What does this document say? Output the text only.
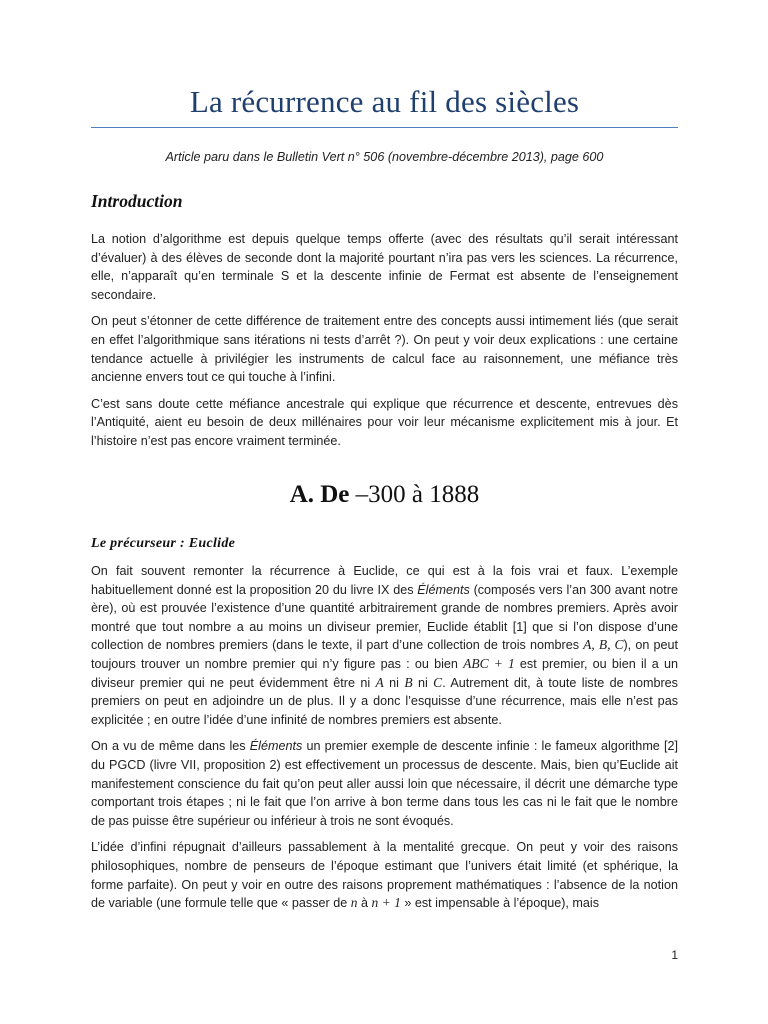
La récurrence au fil des siècles
Article paru dans le Bulletin Vert n° 506 (novembre-décembre 2013), page 600
Introduction

La notion d’algorithme est depuis quelque temps offerte (avec des résultats qu’il serait intéressant d’évaluer) à des élèves de seconde dont la majorité pourtant n’ira pas vers les sciences. La récurrence, elle, n’apparaît qu’en terminale S et la descente infinie de Fermat est absente de l’enseignement secondaire.

On peut s’étonner de cette différence de traitement entre des concepts aussi intimement liés (que serait en effet l’algorithmique sans itérations ni tests d’arrêt ?). On peut y voir deux explications : une certaine tendance actuelle à privilégier les instruments de calcul face au raisonnement, une méfiance très ancienne envers tout ce qui touche à l’infini.

C’est sans doute cette méfiance ancestrale qui explique que récurrence et descente, entrevues dès l’Antiquité, aient eu besoin de deux millénaires pour voir leur mécanisme explicitement mis à jour. Et l’histoire n’est pas encore vraiment terminée.

A. De –300 à 1888
Le précurseur : Euclide

On fait souvent remonter la récurrence à Euclide, ce qui est à la fois vrai et faux. L’exemple habituellement donné est la proposition 20 du livre IX des Éléments (composés vers l’an 300 avant notre ère), où est prouvée l’existence d’une quantité arbitrairement grande de nombres premiers. Après avoir montré que tout nombre a au moins un diviseur premier, Euclide établit [1] que si l’on dispose d’une collection de nombres premiers (dans le texte, il part d’une collection de trois nombres A, B, C), on peut toujours trouver un nombre premier qui n’y figure pas : ou bien ABC + 1 est premier, ou bien il a un diviseur premier qui ne peut évidemment être ni A ni B ni C. Autrement dit, à toute liste de nombres premiers on peut en adjoindre un de plus. Il y a donc l’esquisse d’une récurrence, mais elle n’est pas explicitée ; en outre l’idée d’une infinité de nombres premiers est absente.

On a vu de même dans les Éléments un premier exemple de descente infinie : le fameux algorithme [2] du PGCD (livre VII, proposition 2) est effectivement un processus de descente. Mais, bien qu’Euclide ait manifestement conscience du fait qu’on peut aller aussi loin que nécessaire, il décrit une démarche type comportant trois étapes ; ni le fait que l’on arrive à bon terme dans tous les cas ni le fait que le nombre de pas puisse être supérieur ou inférieur à trois ne sont évoqués.

L’idée d’infini répugnait d’ailleurs passablement à la mentalité grecque. On peut y voir des raisons philosophiques, nombre de penseurs de l’époque estimant que l’univers était limité (et sphérique, la forme parfaite). On peut y voir en outre des raisons proprement mathématiques : l’absence de la notion de variable (une formule telle que « passer de n à n + 1 » est impensable à l’époque), mais

1
